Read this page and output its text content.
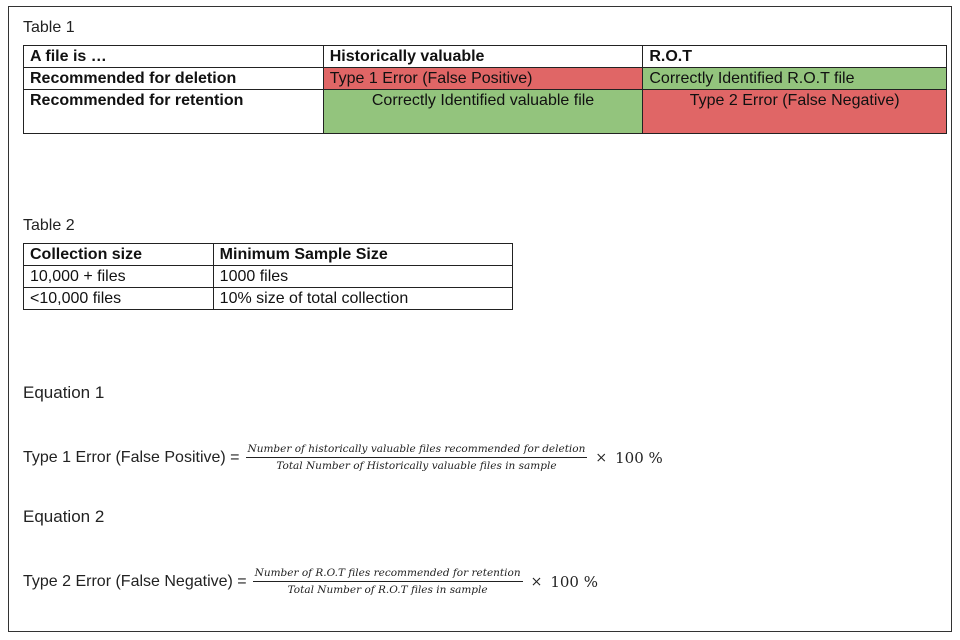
Table 1
A file is …	Historically valuable	R.O.T
Recommended for deletion	Type 1 Error (False Positive)	Correctly Identified R.O.T file
Recommended for retention	Correctly Identified valuable file	Type 2 Error (False Negative)
Table 2
Collection size	Minimum Sample Size
10,000 + files	1000 files
<10,000 files	10% size of total collection
Equation 1
Type 1 Error (False Positive) = Number of historically valuable files recommended for deletion
Total Number of Historically valuable files in sample
× 100 %
Equation 2
Type 2 Error (False Negative) = $\frac{\text{Number of R.O.T files recommended for retention}}{\text{Total Number of R.O.T files in sample}} \times 100$ %
